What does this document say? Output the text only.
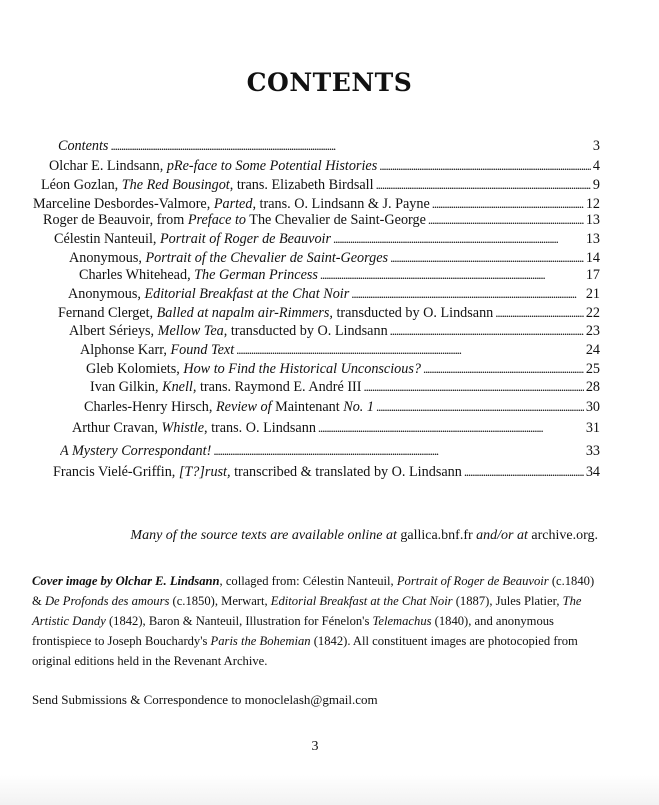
CONTENTS
Contents . . .	3
Olchar E. Lindsann, pRe-face to Some Potential Histories . . .	4
Léon Gozlan, The Red Bousingot, trans. Elizabeth Birdsall . . .	9
Marceline Desbordes-Valmore, Parted, trans. O. Lindsann & J. Payne . . .	12
Roger de Beauvoir, from Preface to The Chevalier de Saint-George . . .	13
Célestin Nanteuil, Portrait of Roger de Beauvoir . . .	13
Anonymous, Portrait of the Chevalier de Saint-Georges . . .	14
Charles Whitehead, The German Princess . . .	17
Anonymous, Editorial Breakfast at the Chat Noir . . .	21
Fernand Clerget, Balled at napalm air-Rimmers, transducted by O. Lindsann . . .	22
Albert Sérieys, Mellow Tea, transducted by O. Lindsann . . .	23
Alphonse Karr, Found Text . . .	24
Gleb Kolomiets, How to Find the Historical Unconscious? . . .	25
Ivan Gilkin, Knell, trans. Raymond E. André III . . .	28
Charles-Henry Hirsch, Review of Maintenant No. 1 . . .	30
Arthur Cravan, Whistle, trans. O. Lindsann . . .	31
A Mystery Correspondant! . . .	33
Francis Vielé-Griffin, [T?]rust, transcribed & translated by O. Lindsann . . .	34
Many of the source texts are available online at gallica.bnf.fr and/or at archive.org.
Cover image by Olchar E. Lindsann, collaged from: Célestin Nanteuil, Portrait of Roger de Beauvoir (c.1840) & De Profonds des amours (c.1850), Merwart, Editorial Breakfast at the Chat Noir (1887), Jules Platier, The Artistic Dandy (1842), Baron & Nanteuil, Illustration for Fénelon's Telemachus (1840), and anonymous frontispiece to Joseph Bouchardy's Paris the Bohemian (1842). All constituent images are photocopied from original editions held in the Revenant Archive.
Send Submissions & Correspondence to monoclelash@gmail.com
3
